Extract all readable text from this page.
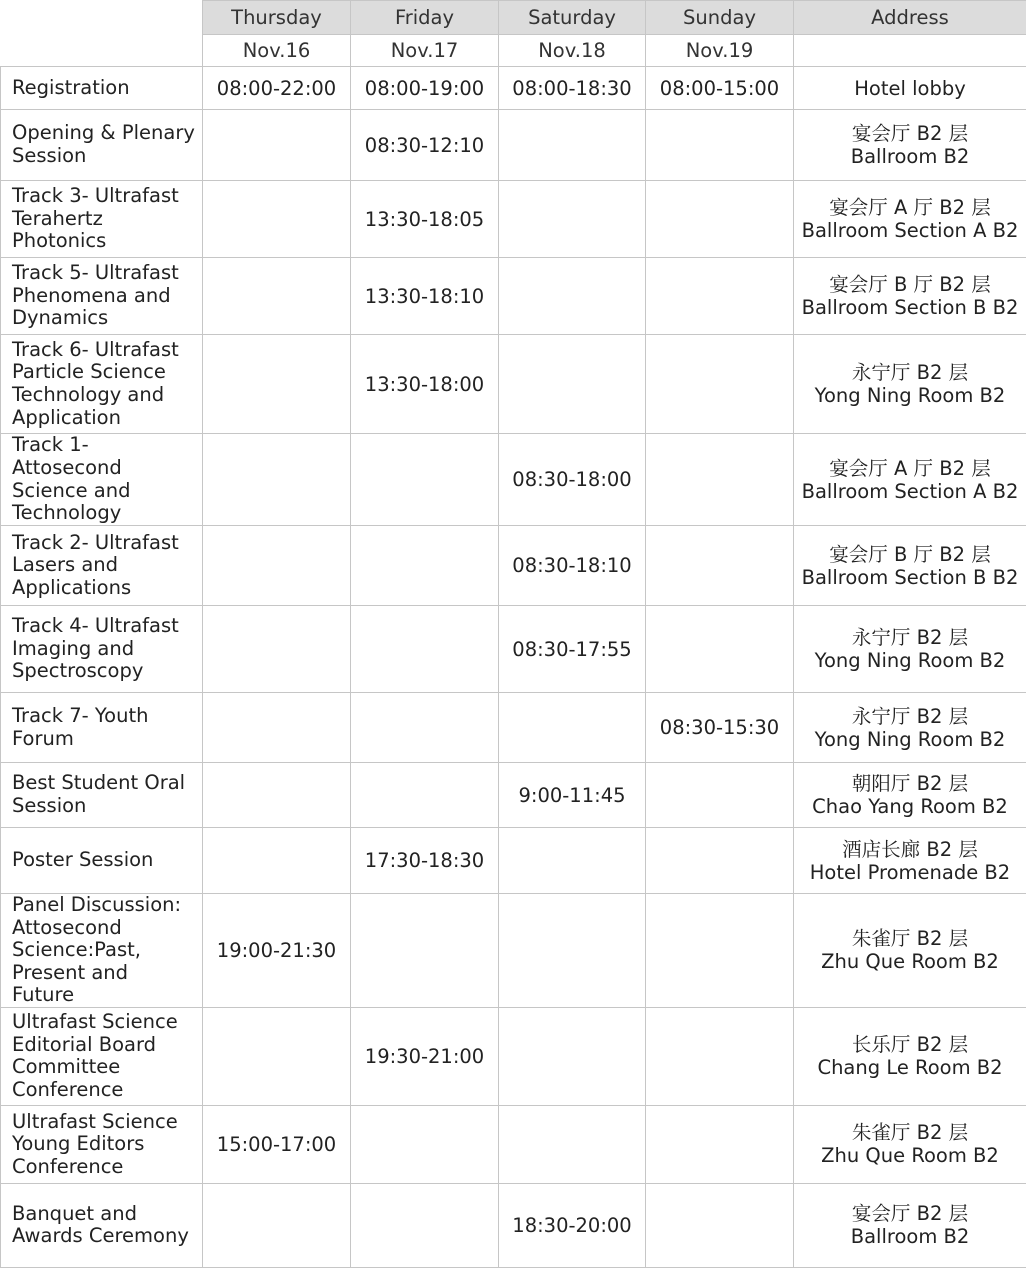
	Thursday	Friday	Saturday	Sunday	Address
	Nov.16	Nov.17	Nov.18	Nov.19	
Registration	08:00-22:00	08:00-19:00	08:00-18:30	08:00-15:00	Hotel lobby

Opening & Plenary Session		08:30-12:10			宴会厅 B2 层
Ballroom B2

Track 3- Ultrafast Terahertz Photonics		13:30-18:05			宴会厅 A 厅 B2 层
Ballroom Section A B2

Track 5- Ultrafast Phenomena and Dynamics		13:30-18:10			宴会厅 B 厅 B2 层
Ballroom Section B B2

Track 6- Ultrafast Particle Science Technology and Application		13:30-18:00			永宁厅 B2 层
Yong Ning Room B2

Track 1- Attosecond Science and Technology			08:30-18:00		宴会厅 A 厅 B2 层
Ballroom Section A B2

Track 2- Ultrafast Lasers and Applications			08:30-18:10		宴会厅 B 厅 B2 层
Ballroom Section B B2

Track 4- Ultrafast Imaging and Spectroscopy			08:30-17:55		永宁厅 B2 层
Yong Ning Room B2

Track 7- Youth Forum				08:30-15:30	永宁厅 B2 层
Yong Ning Room B2

Best Student Oral Session			9:00-11:45		朝阳厅 B2 层
Chao Yang Room B2

Poster Session		17:30-18:30			酒店长廊 B2 层
Hotel Promenade B2

Panel Discussion: Attosecond Science:Past, Present and Future	19:00-21:30				朱雀厅 B2 层
Zhu Que Room B2

Ultrafast Science Editorial Board Committee Conference		19:30-21:00			长乐厅 B2 层
Chang Le Room B2

Ultrafast Science Young Editors Conference	15:00-17:00				朱雀厅 B2 层
Zhu Que Room B2

Banquet and Awards Ceremony			18:30-20:00		宴会厅 B2 层
Ballroom B2
